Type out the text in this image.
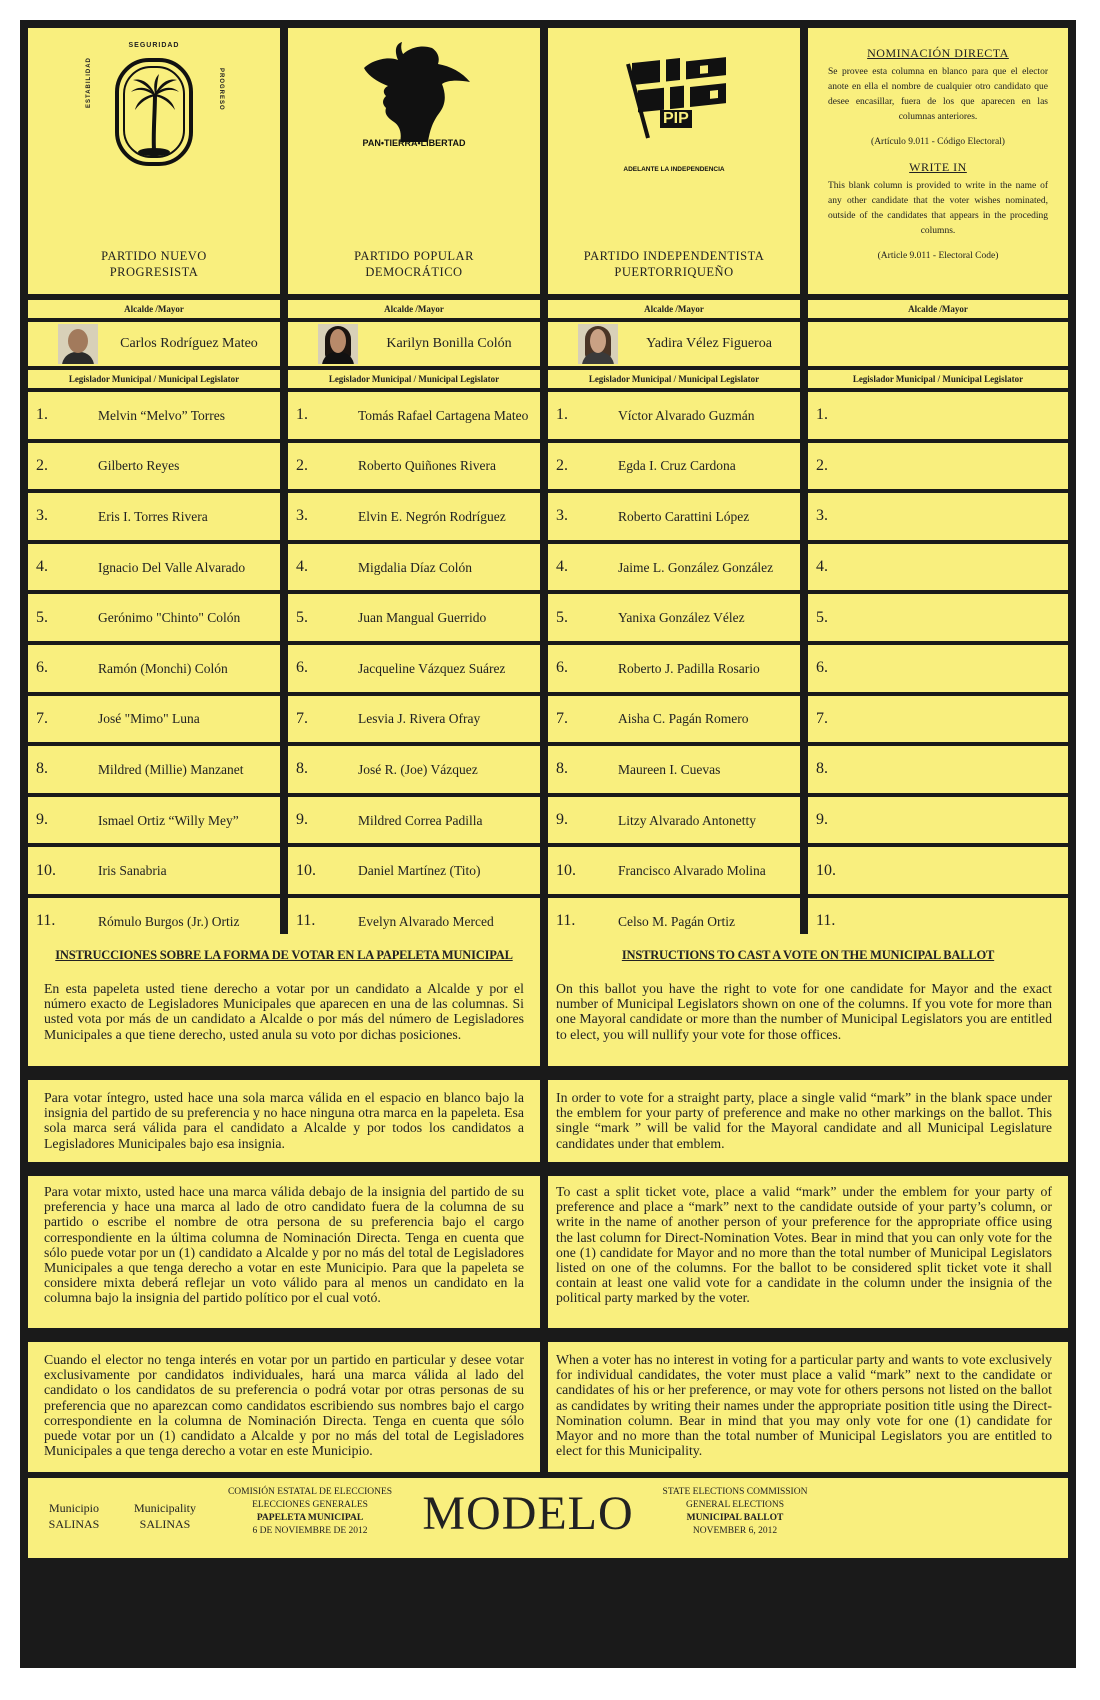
SEGURIDAD
ESTABILIDAD	PROGRESO
PARTIDO NUEVO
PROGRESISTA
PAN•TIERRA•LIBERTAD
PARTIDO POPULAR
DEMOCRÁTICO
PIP
ADELANTE LA INDEPENDENCIA
PARTIDO INDEPENDENTISTA
PUERTORRIQUEÑO
NOMINACIÓN DIRECTA
Se provee esta columna en blanco para que el elector anote en ella el nombre de cualquier otro candidato que desee encasillar, fuera de los que aparecen en las columnas anteriores.
(Artículo 9.011 - Código Electoral)
WRITE IN
This blank column is provided to write in the name of any other candidate that the voter wishes nominated, outside of the candidates that appears in the proceding columns.
(Article 9.011 - Electoral Code)
Alcalde /Mayor	Alcalde /Mayor	Alcalde /Mayor	Alcalde /Mayor
Carlos Rodríguez Mateo	Karilyn Bonilla Colón	Yadira Vélez Figueroa
Legislador Municipal / Municipal Legislator	Legislador Municipal / Municipal Legislator	Legislador Municipal / Municipal Legislator	Legislador Municipal / Municipal Legislator
1.	Melvin “Melvo” Torres	1.	Tomás Rafael Cartagena Mateo	1.	Víctor Alvarado Guzmán	1.
2.	Gilberto Reyes	2.	Roberto Quiñones Rivera	2.	Egda I. Cruz Cardona	2.
3.	Eris I. Torres Rivera	3.	Elvin E. Negrón Rodríguez	3.	Roberto Carattini López	3.
4.	Ignacio Del Valle Alvarado	4.	Migdalia Díaz Colón	4.	Jaime L. González González	4.
5.	Gerónimo "Chinto" Colón	5.	Juan Mangual Guerrido	5.	Yanixa González Vélez	5.
6.	Ramón (Monchi) Colón	6.	Jacqueline Vázquez Suárez	6.	Roberto J. Padilla Rosario	6.
7.	José "Mimo" Luna	7.	Lesvia J. Rivera Ofray	7.	Aisha C. Pagán Romero	7.
8.	Mildred (Millie) Manzanet	8.	José R. (Joe) Vázquez	8.	Maureen I. Cuevas	8.
9.	Ismael Ortiz “Willy Mey”	9.	Mildred Correa Padilla	9.	Litzy Alvarado Antonetty	9.
10.	Iris Sanabria	10.	Daniel Martínez (Tito)	10.	Francisco Alvarado Molina	10.
11.	Rómulo Burgos (Jr.) Ortiz	11.	Evelyn Alvarado Merced	11.	Celso M. Pagán Ortiz	11.
INSTRUCCIONES SOBRE LA FORMA DE VOTAR EN LA PAPELETA MUNICIPAL
En esta papeleta usted tiene derecho a votar por un candidato a Alcalde y por el número exacto de Legisladores Municipales que aparecen en una de las columnas. Si usted vota por más de un candidato a Alcalde o por más del número de Legisladores Municipales a que tiene derecho, usted anula su voto por dichas posiciones.
INSTRUCTIONS TO CAST A VOTE ON THE MUNICIPAL BALLOT
On this ballot you have the right to vote for one candidate for Mayor and the exact number of Municipal Legislators shown on one of the columns. If you vote for more than one Mayoral candidate or more than the number of Municipal Legislators you are entitled to elect, you will nullify your vote for those offices.
Para votar íntegro, usted hace una sola marca válida en el espacio en blanco bajo la insignia del partido de su preferencia y no hace ninguna otra marca en la papeleta. Esa sola marca será válida para el candidato a Alcalde y por todos los candidatos a Legisladores Municipales bajo esa insignia.
In order to vote for a straight party, place a single valid “mark” in the blank space under the emblem for your party of preference and make no other markings on the ballot. This single “mark ” will be valid for the Mayoral candidate and all Municipal Legislature candidates under that emblem.
Para votar mixto, usted hace una marca válida debajo de la insignia del partido de su preferencia y hace una marca al lado de otro candidato fuera de la columna de su partido o escribe el nombre de otra persona de su preferencia bajo el cargo correspondiente en la última columna de Nominación Directa. Tenga en cuenta que sólo puede votar por un (1) candidato a Alcalde y por no más del total de Legisladores Municipales a que tenga derecho a votar en este Municipio. Para que la papeleta se considere mixta deberá reflejar un voto válido para al menos un candidato en la columna bajo la insignia del partido político por el cual votó.
To cast a split ticket vote, place a valid “mark” under the emblem for your party of preference and place a “mark” next to the candidate outside of your party’s column, or write in the name of another person of your preference for the appropriate office using the last column for Direct-Nomination Votes. Bear in mind that you can only vote for the one (1) candidate for Mayor and no more than the total number of Municipal Legislators listed on one of the columns. For the ballot to be considered split ticket vote it shall contain at least one valid vote for a candidate in the column under the insignia of the political party marked by the voter.
Cuando el elector no tenga interés en votar por un partido en particular y desee votar exclusivamente por candidatos individuales, hará una marca válida al lado del candidato o los candidatos de su preferencia o podrá votar por otras personas de su preferencia que no aparezcan como candidatos escribiendo sus nombres bajo el cargo correspondiente en la columna de Nominación Directa. Tenga en cuenta que sólo puede votar por un (1) candidato a Alcalde y por no más del total de Legisladores Municipales a que tenga derecho a votar en este Municipio.
When a voter has no interest in voting for a particular party and wants to vote exclusively for individual candidates, the voter must place a valid “mark” next to the candidate or candidates of his or her preference, or may vote for others persons not listed on the ballot as candidates by writing their names under the appropriate position title using the Direct-Nomination column. Bear in mind that you may only vote for one (1) candidate for Mayor and no more than the total number of Municipal Legislators you are entitled to elect for this Municipality.
Municipio
SALINAS
Municipality
SALINAS
COMISIÓN ESTATAL DE ELECCIONES
ELECCIONES GENERALES
PAPELETA MUNICIPAL
6 DE NOVIEMBRE DE 2012	MODELO	STATE ELECTIONS COMMISSION
GENERAL ELECTIONS
MUNICIPAL BALLOT
NOVEMBER 6, 2012
